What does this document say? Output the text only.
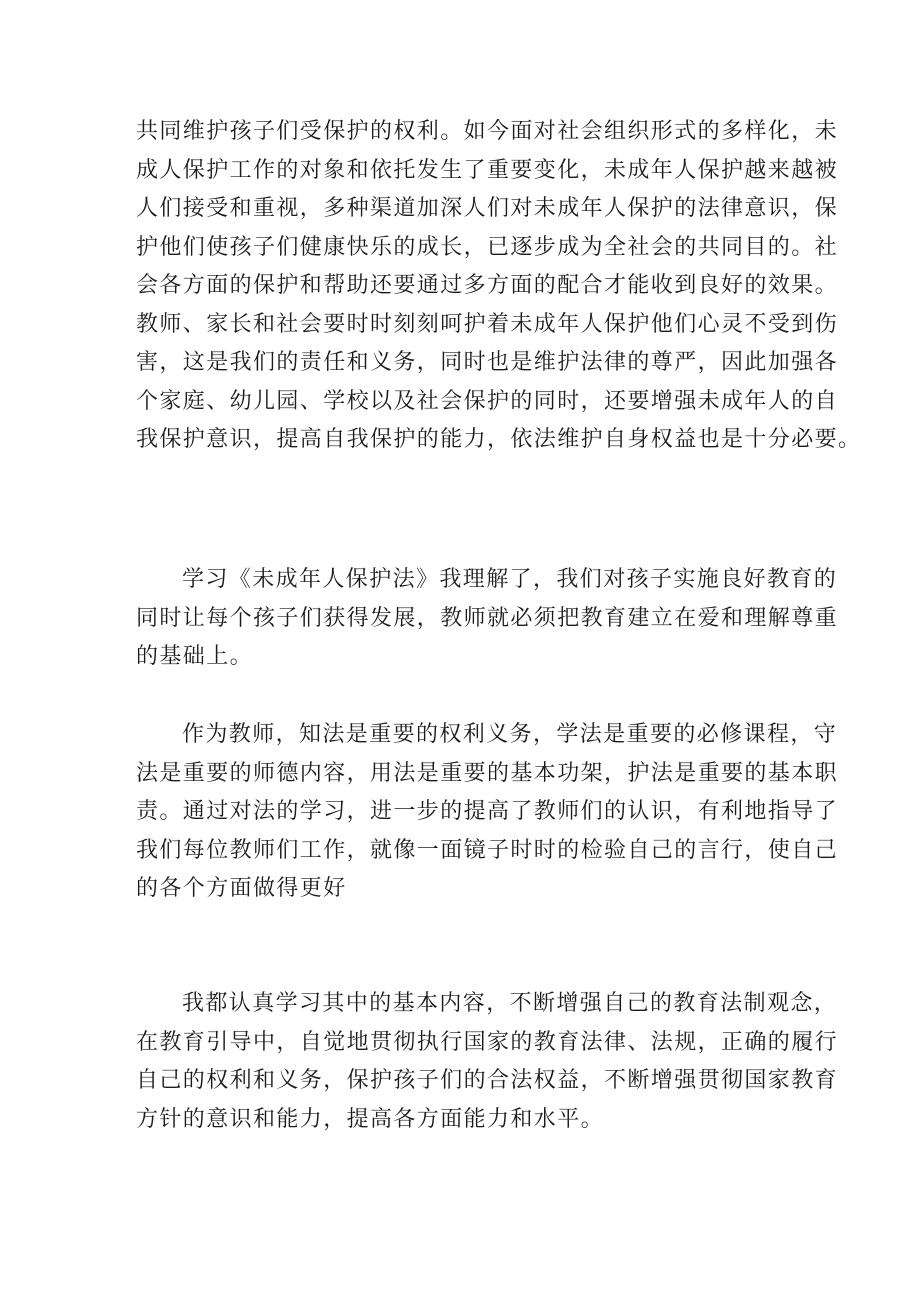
共同维护孩子们受保护的权利。如今面对社会组织形式的多样化，未
成人保护工作的对象和依托发生了重要变化，未成年人保护越来越被
人们接受和重视，多种渠道加深人们对未成年人保护的法律意识，保
护他们使孩子们健康快乐的成长，已逐步成为全社会的共同目的。社
会各方面的保护和帮助还要通过多方面的配合才能收到良好的效果。
教师、家长和社会要时时刻刻呵护着未成年人保护他们心灵不受到伤
害，这是我们的责任和义务，同时也是维护法律的尊严，因此加强各
个家庭、幼儿园、学校以及社会保护的同时，还要增强未成年人的自
我保护意识，提高自我保护的能力，依法维护自身权益也是十分必要。
学习《未成年人保护法》我理解了，我们对孩子实施良好教育的
同时让每个孩子们获得发展，教师就必须把教育建立在爱和理解尊重
的基础上。
作为教师，知法是重要的权利义务，学法是重要的必修课程，守
法是重要的师德内容，用法是重要的基本功架，护法是重要的基本职
责。通过对法的学习，进一步的提高了教师们的认识，有利地指导了
我们每位教师们工作，就像一面镜子时时的检验自己的言行，使自己
的各个方面做得更好
我都认真学习其中的基本内容，不断增强自己的教育法制观念，
在教育引导中，自觉地贯彻执行国家的教育法律、法规，正确的履行
自己的权利和义务，保护孩子们的合法权益，不断增强贯彻国家教育
方针的意识和能力，提高各方面能力和水平。
